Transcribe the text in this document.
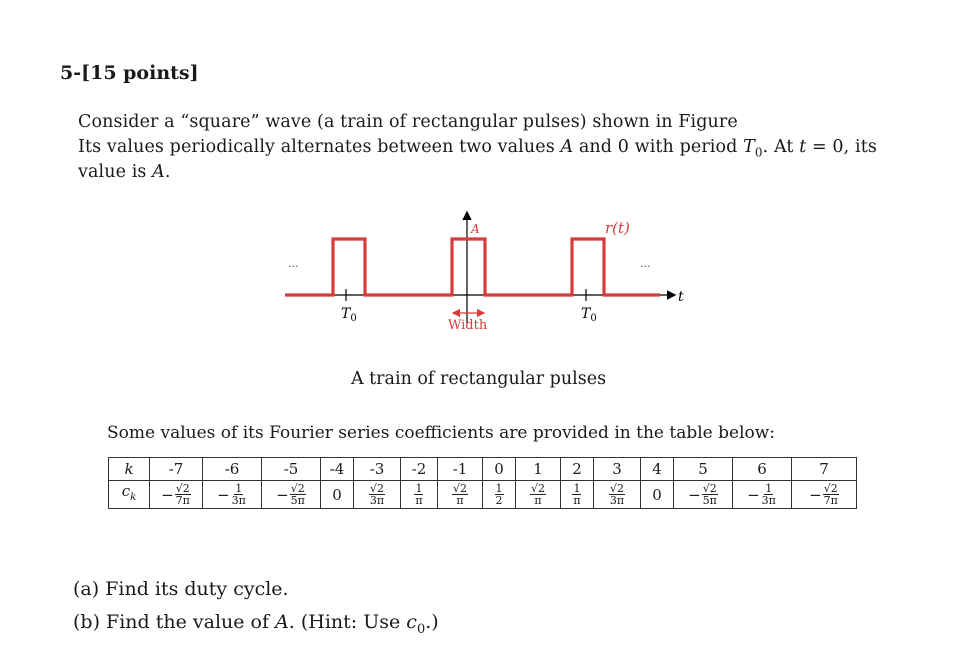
5-[15 points]
Consider a “square” wave (a train of rectangular pulses) shown in Figure
Its values periodically alternates between two values A and 0 with period $T_0$. At t = 0, its
value is A.
...	...
A	r(t)
t
$T_0$	$T_0$
Width
A train of rectangular pulses
Some values of its Fourier series coefficients are provided in the table below:
k	-7	-6	-5	-4	-3	-2	-1	0	1	2	3	4	5	6	7
$c_k$	− $\frac{√2}{7\pi}$	− $\frac{1}{3\pi}$	− $\frac{√2}{5\pi}$	0	$\frac{√2}{3\pi}$	$\frac{1}{\pi}$	$\frac{√2}{\pi}$	$\frac{1}{2}$	$\frac{√2}{\pi}$	$\frac{1}{\pi}$	$\frac{√2}{3\pi}$	0	− $\frac{√2}{5\pi}$	− $\frac{1}{3\pi}$	− $\frac{√2}{7\pi}$
(a) Find its duty cycle.
(b) Find the value of A. (Hint: Use $c_0$.)
